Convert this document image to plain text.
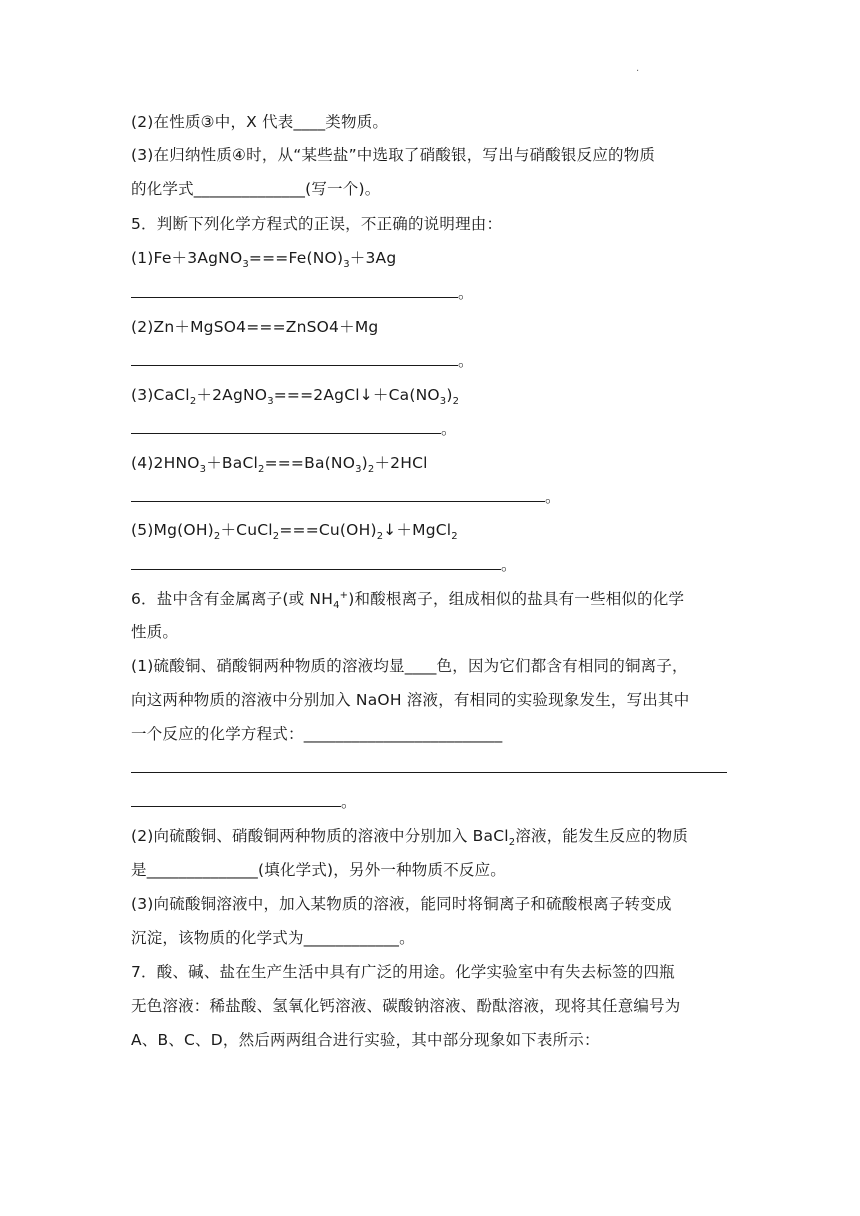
·
(2)在性质③中，X 代表____类物质。
(3)在归纳性质④时，从“某些盐”中选取了硝酸银，写出与硝酸银反应的物质
的化学式______________(写一个)。
5．判断下列化学方程式的正误，不正确的说明理由：
$(1)Fe+3AgNO_3===Fe(NO)_3+3Ag$
。
(2)Zn＋MgSO4===ZnSO4＋Mg
。
$(3)CaCl_2+2AgNO_3===2AgCl↓+Ca(NO_3)_2$
。
$(4)2HNO_3+BaCl_2===Ba(NO_3)_2+2HCl$
。
$(5)Mg(OH)_2+CuCl_2===Cu(OH)_2↓+MgCl_2$
。
6．盐中含有金属离子(或 $NH_4^+$)和酸根离子，组成相似的盐具有一些相似的化学
性质。
(1)硫酸铜、硝酸铜两种物质的溶液均显____色，因为它们都含有相同的铜离子，
向这两种物质的溶液中分别加入 NaOH 溶液，有相同的实验现象发生，写出其中
一个反应的化学方程式：_________________________
。
(2)向硫酸铜、硝酸铜两种物质的溶液中分别加入 BaCl$_2$溶液，能发生反应的物质
是______________(填化学式)，另外一种物质不反应。
(3)向硫酸铜溶液中，加入某物质的溶液，能同时将铜离子和硫酸根离子转变成
沉淀，该物质的化学式为____________。
7．酸、碱、盐在生产生活中具有广泛的用途。化学实验室中有失去标签的四瓶
无色溶液：稀盐酸、氢氧化钙溶液、碳酸钠溶液、酚酞溶液，现将其任意编号为
A、B、C、D，然后两两组合进行实验，其中部分现象如下表所示：
